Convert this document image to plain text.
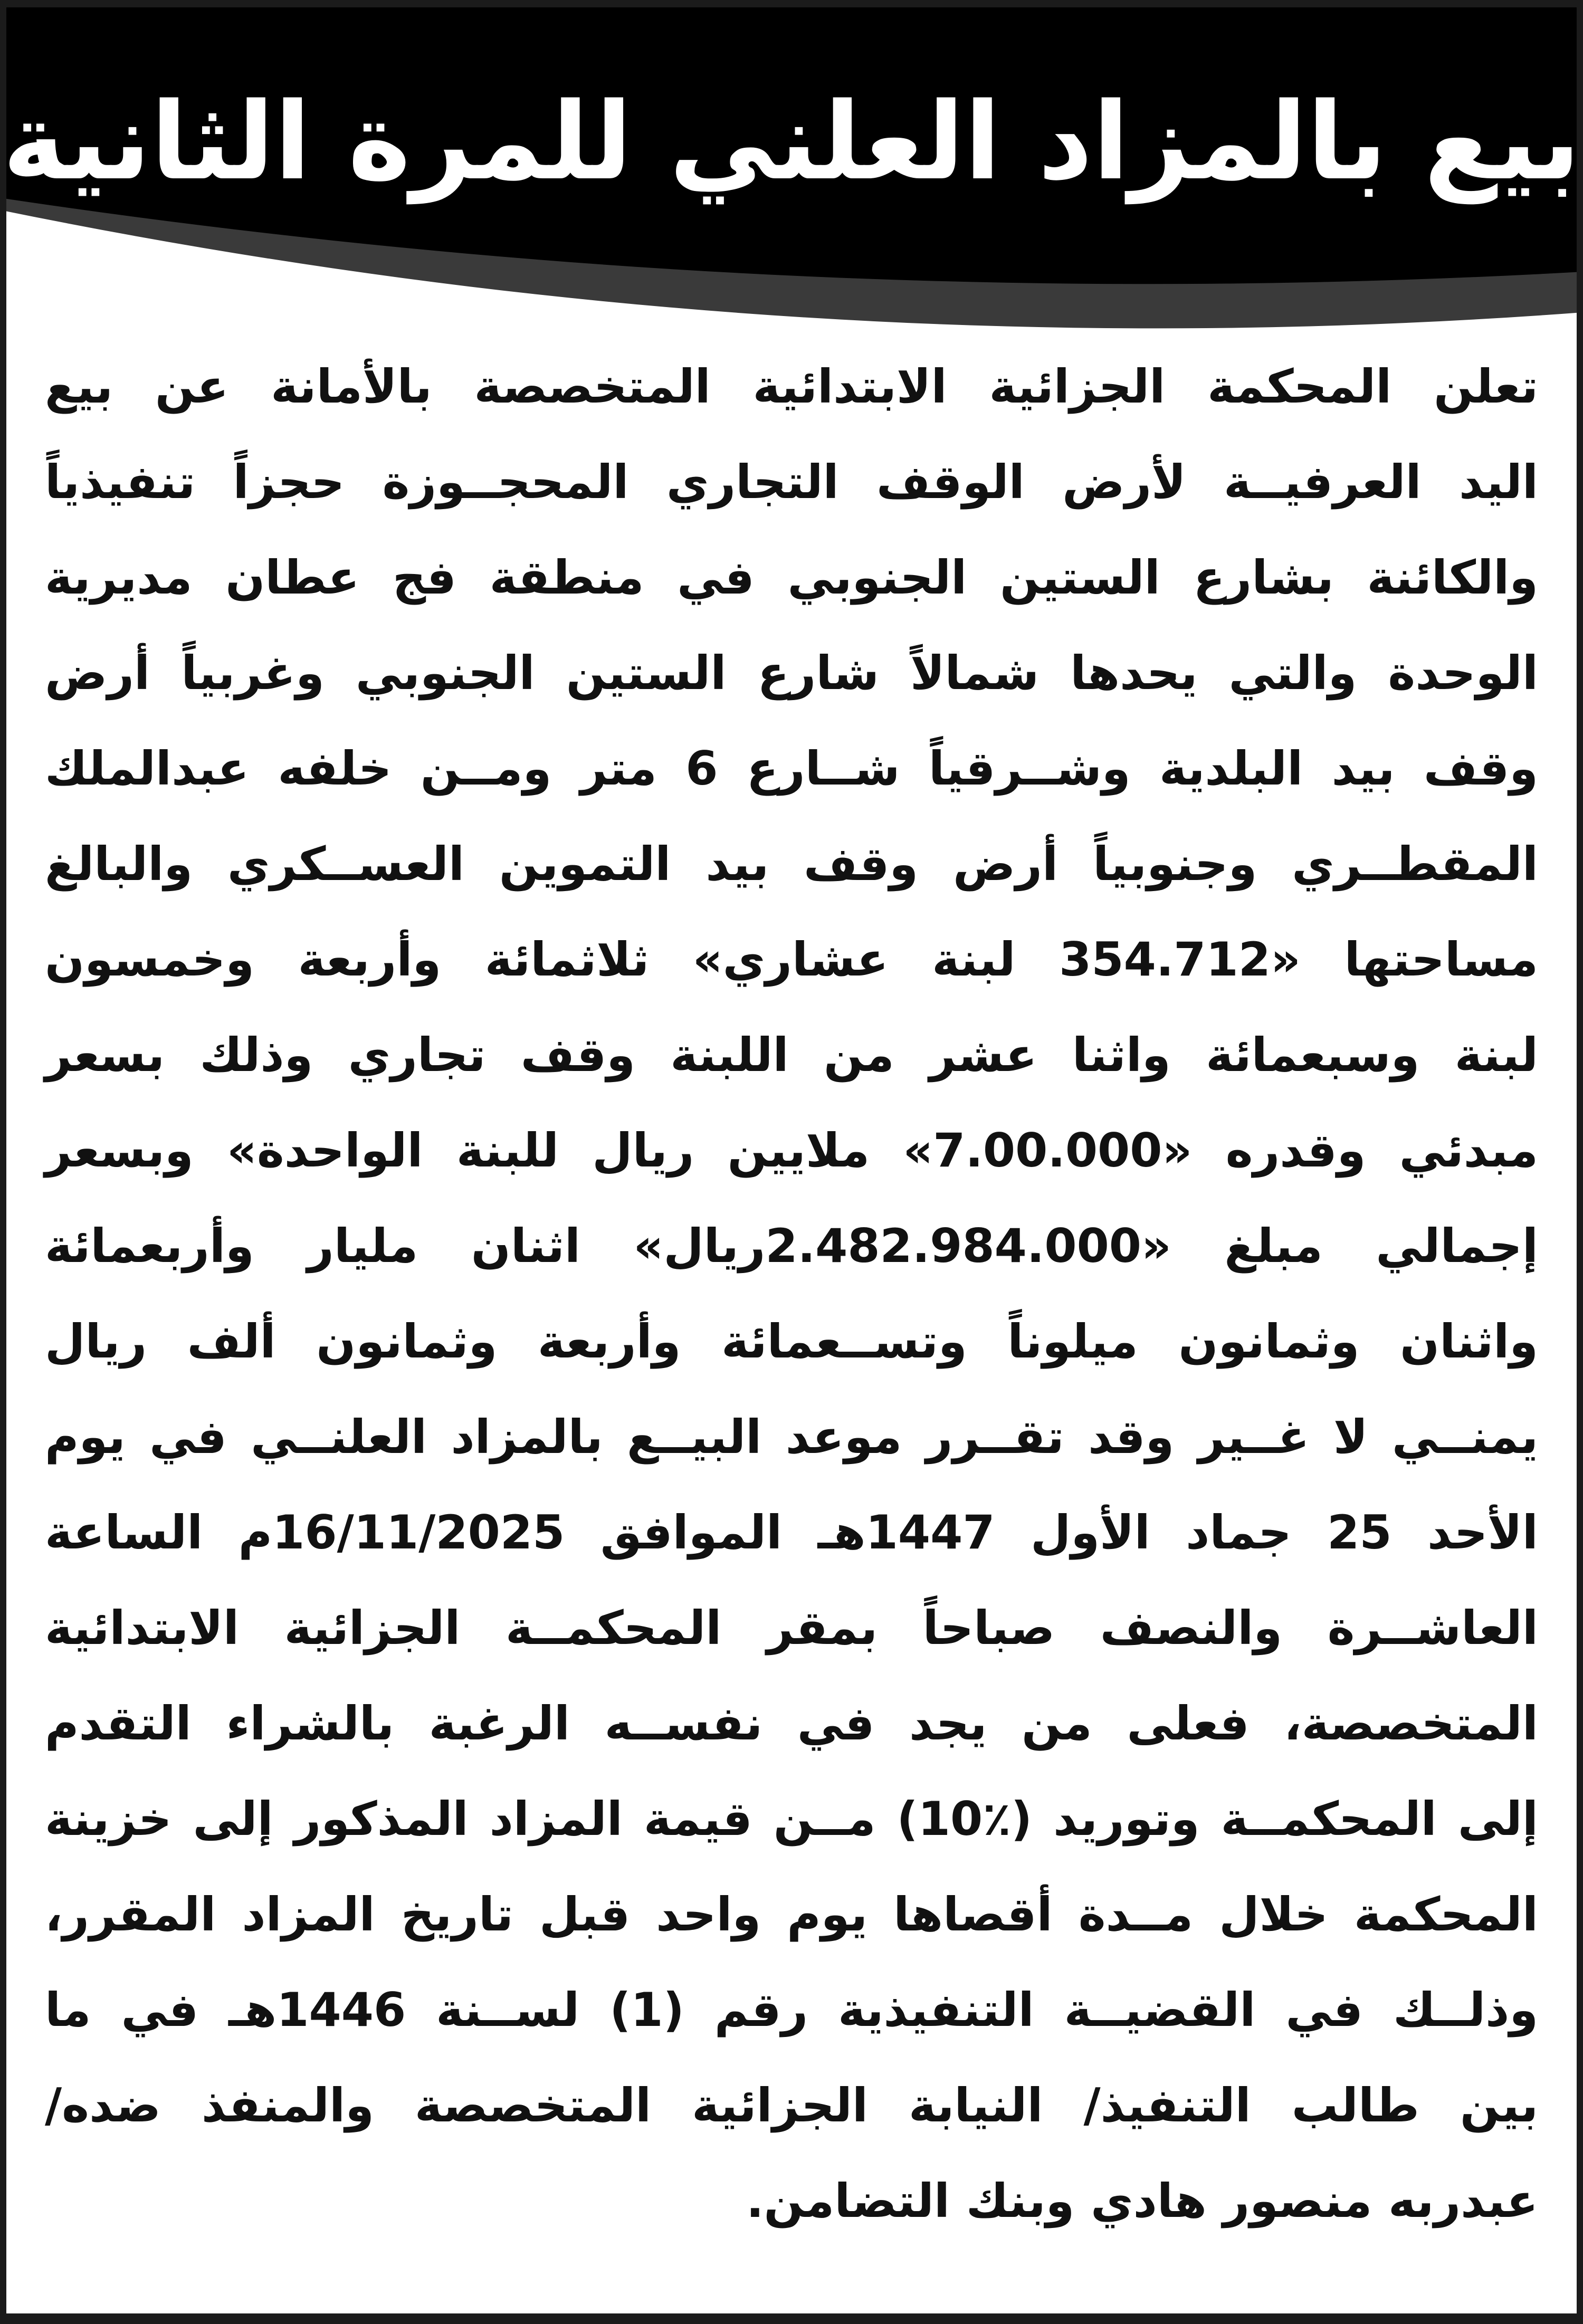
بيع بالمزاد العلني للمرة الثانية
تعلن المحكمة الجزائية الابتدائية المتخصصة بالأمانة عن بيع
اليد العرفيــة لأرض الوقف التجاري المحجــوزة حجزاً تنفيذياً
والكائنة بشارع الستين الجنوبي في منطقة فج عطان مديرية
الوحدة والتي يحدها شمالاً شارع الستين الجنوبي وغربياً أرض
وقف بيد البلدية وشــرقياً شــارع 6 متر ومــن خلفه عبدالملك
المقطــري وجنوبياً أرض وقف بيد التموين العســكري والبالغ
مساحتها «354.712 لبنة عشاري» ثلاثمائة وأربعة وخمسون
لبنة وسبعمائة واثنا عشر من اللبنة وقف تجاري وذلك بسعر
مبدئي وقدره «7.00.000» ملايين ريال للبنة الواحدة» وبسعر
إجمالي مبلغ «2.482.984.000ريال» اثنان مليار وأربعمائة
واثنان وثمانون ميلوناً وتســعمائة وأربعة وثمانون ألف ريال
يمنــي لا غــير وقد تقــرر موعد البيــع بالمزاد العلنــي في يوم
الأحد 25 جماد الأول 1447هـ الموافق 16/11/2025م الساعة
العاشــرة والنصف صباحاً بمقر المحكمــة الجزائية الابتدائية
المتخصصة، فعلى من يجد في نفســه الرغبة بالشراء التقدم
إلى المحكمــة وتوريد (٪10) مــن قيمة المزاد المذكور إلى خزينة
المحكمة خلال مــدة أقصاها يوم واحد قبل تاريخ المزاد المقرر،
وذلــك في القضيــة التنفيذية رقم (1) لســنة 1446هـ في ما
بين طالب التنفيذ/ النيابة الجزائية المتخصصة والمنفذ ضده/
عبدربه منصور هادي وبنك التضامن.
